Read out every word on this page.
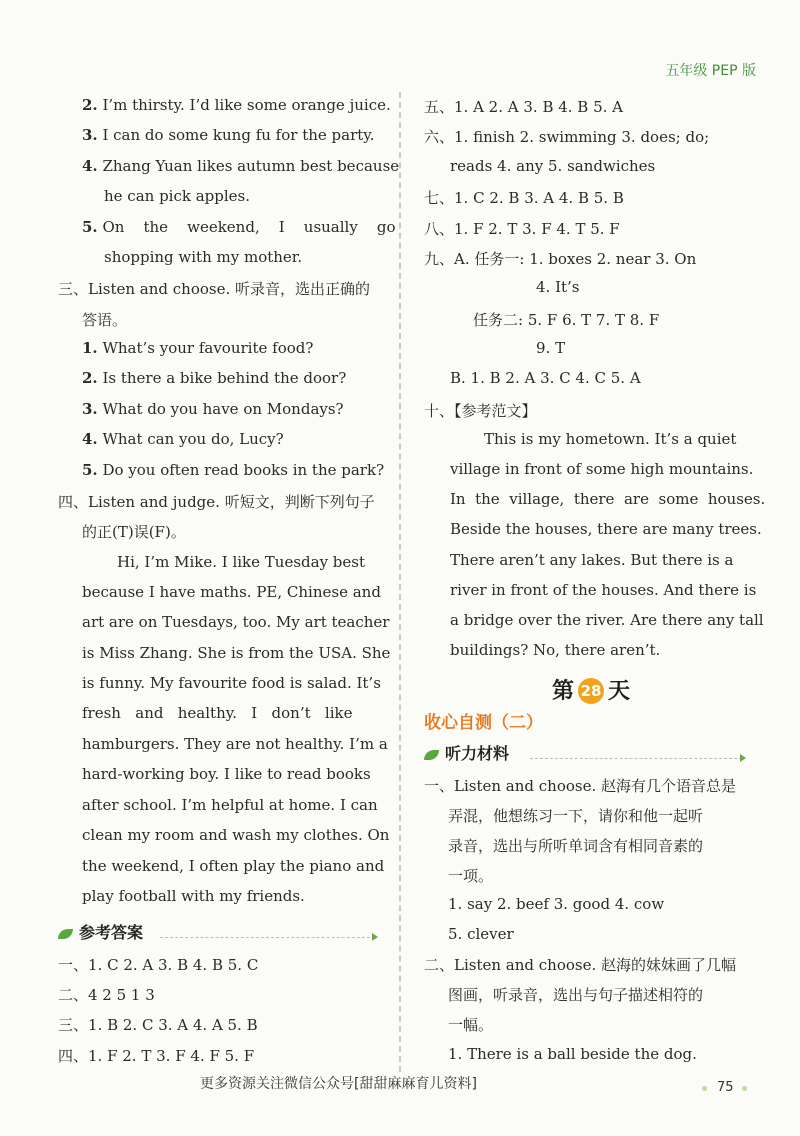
五年级 PEP 版
2. I’m thirsty. I’d like some orange juice.
3. I can do some kung fu for the party.
4. Zhang Yuan likes autumn best because
he can pick apples.
5. On    the    weekend,    I    usually    go
shopping with my mother.
三、Listen and choose. 听录音，选出正确的
答语。
1. What’s your favourite food?
2. Is there a bike behind the door?
3. What do you have on Mondays?
4. What can you do, Lucy?
5. Do you often read books in the park?
四、Listen and judge. 听短文，判断下列句子
的正(T)误(F)。
Hi, I’m Mike. I like Tuesday best
because I have maths. PE, Chinese and
art are on Tuesdays, too. My art teacher
is Miss Zhang. She is from the USA. She
is funny. My favourite food is salad. It’s
fresh   and   healthy.   I   don’t   like
hamburgers. They are not healthy. I’m a
hard-working boy. I like to read books
after school. I’m helpful at home. I can
clean my room and wash my clothes. On
the weekend, I often play the piano and
play football with my friends.
参考答案
一、1. C 2. A 3. B 4. B 5. C
二、4 2 5 1 3
三、1. B 2. C 3. A 4. A 5. B
四、1. F 2. T 3. F 4. F 5. F
五、1. A 2. A 3. B 4. B 5. A
六、1. finish 2. swimming 3. does; do;
reads 4. any 5. sandwiches
七、1. C 2. B 3. A 4. B 5. B
八、1. F 2. T 3. F 4. T 5. F
九、A. 任务一: 1. boxes 2. near 3. On
4. It’s
任务二: 5. F 6. T 7. T 8. F
9. T
B. 1. B 2. A 3. C 4. C 5. A
十、【参考范文】
This is my hometown. It’s a quiet
village in front of some high mountains.
In  the  village,  there  are  some  houses.
Beside the houses, there are many trees.
There aren’t any lakes. But there is a
river in front of the houses. And there is
a bridge over the river. Are there any tall
buildings? No, there aren’t.
第 28 天
收心自测（二）
听力材料
一、Listen and choose. 赵海有几个语音总是
弄混，他想练习一下，请你和他一起听
录音，选出与所听单词含有相同音素的
一项。
1. say 2. beef 3. good 4. cow
5. clever
二、Listen and choose. 赵海的妹妹画了几幅
图画，听录音，选出与句子描述相符的
一幅。
1. There is a ball beside the dog.
更多资源关注微信公众号[甜甜麻麻育儿资料]	75
